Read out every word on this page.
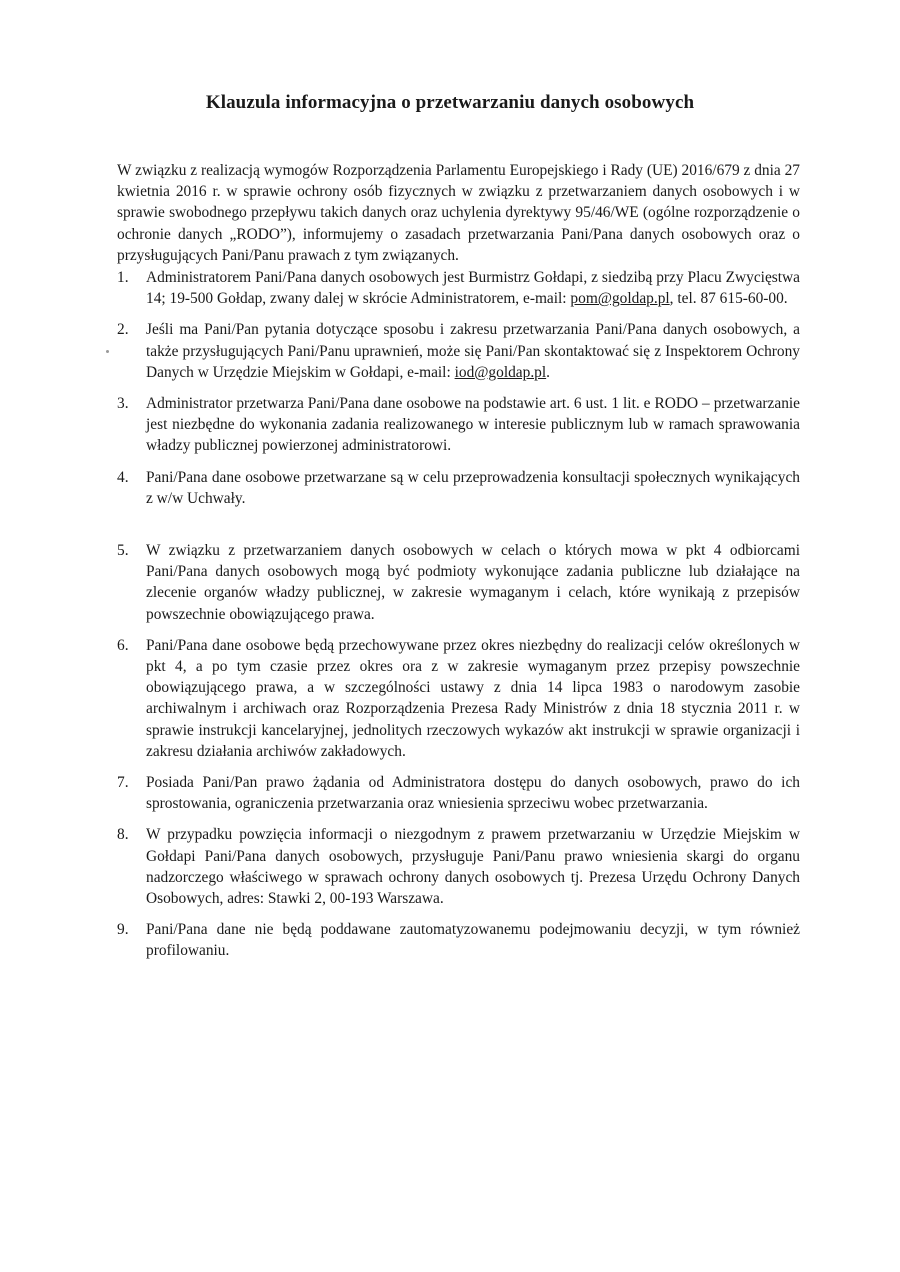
Klauzula informacyjna o przetwarzaniu danych osobowych

W związku z realizacją wymogów Rozporządzenia Parlamentu Europejskiego i Rady (UE) 2016/679 z dnia 27 kwietnia 2016 r. w sprawie ochrony osób fizycznych w związku z przetwarzaniem danych osobowych i w sprawie swobodnego przepływu takich danych oraz uchylenia dyrektywy 95/46/WE (ogólne rozporządzenie o ochronie danych „RODO”), informujemy o zasadach przetwarzania Pani/Pana danych osobowych oraz o przysługujących Pani/Panu prawach z tym związanych.

1. Administratorem Pani/Pana danych osobowych jest Burmistrz Gołdapi, z siedzibą przy Placu Zwycięstwa 14; 19-500 Gołdap, zwany dalej w skrócie Administratorem, e-mail: pom@goldap.pl, tel. 87 615-60-00.
2. Jeśli ma Pani/Pan pytania dotyczące sposobu i zakresu przetwarzania Pani/Pana danych osobowych, a także przysługujących Pani/Panu uprawnień, może się Pani/Pan skontaktować się z Inspektorem Ochrony Danych w Urzędzie Miejskim w Gołdapi, e-mail: iod@goldap.pl.
3. Administrator przetwarza Pani/Pana dane osobowe na podstawie art. 6 ust. 1 lit. e RODO – przetwarzanie jest niezbędne do wykonania zadania realizowanego w interesie publicznym lub w ramach sprawowania władzy publicznej powierzonej administratorowi.
4. Pani/Pana dane osobowe przetwarzane są w celu przeprowadzenia konsultacji społecznych wynikających z w/w Uchwały.
5. W związku z przetwarzaniem danych osobowych w celach o których mowa w pkt 4 odbiorcami Pani/Pana danych osobowych mogą być podmioty wykonujące zadania publiczne lub działające na zlecenie organów władzy publicznej, w zakresie wymaganym i celach, które wynikają z przepisów powszechnie obowiązującego prawa.
6. Pani/Pana dane osobowe będą przechowywane przez okres niezbędny do realizacji celów określonych w pkt 4, a po tym czasie przez okres ora z w zakresie wymaganym przez przepisy powszechnie obowiązującego prawa, a w szczególności ustawy z dnia 14 lipca 1983 o narodowym zasobie archiwalnym i archiwach oraz Rozporządzenia Prezesa Rady Ministrów z dnia 18 stycznia 2011 r. w sprawie instrukcji kancelaryjnej, jednolitych rzeczowych wykazów akt instrukcji w sprawie organizacji i zakresu działania archiwów zakładowych.
7. Posiada Pani/Pan prawo żądania od Administratora dostępu do danych osobowych, prawo do ich sprostowania, ograniczenia przetwarzania oraz wniesienia sprzeciwu wobec przetwarzania.
8. W przypadku powzięcia informacji o niezgodnym z prawem przetwarzaniu w Urzędzie Miejskim w Gołdapi Pani/Pana danych osobowych, przysługuje Pani/Panu prawo wniesienia skargi do organu nadzorczego właściwego w sprawach ochrony danych osobowych tj. Prezesa Urzędu Ochrony Danych Osobowych, adres: Stawki 2, 00-193 Warszawa.
9. Pani/Pana dane nie będą poddawane zautomatyzowanemu podejmowaniu decyzji, w tym również profilowaniu.
